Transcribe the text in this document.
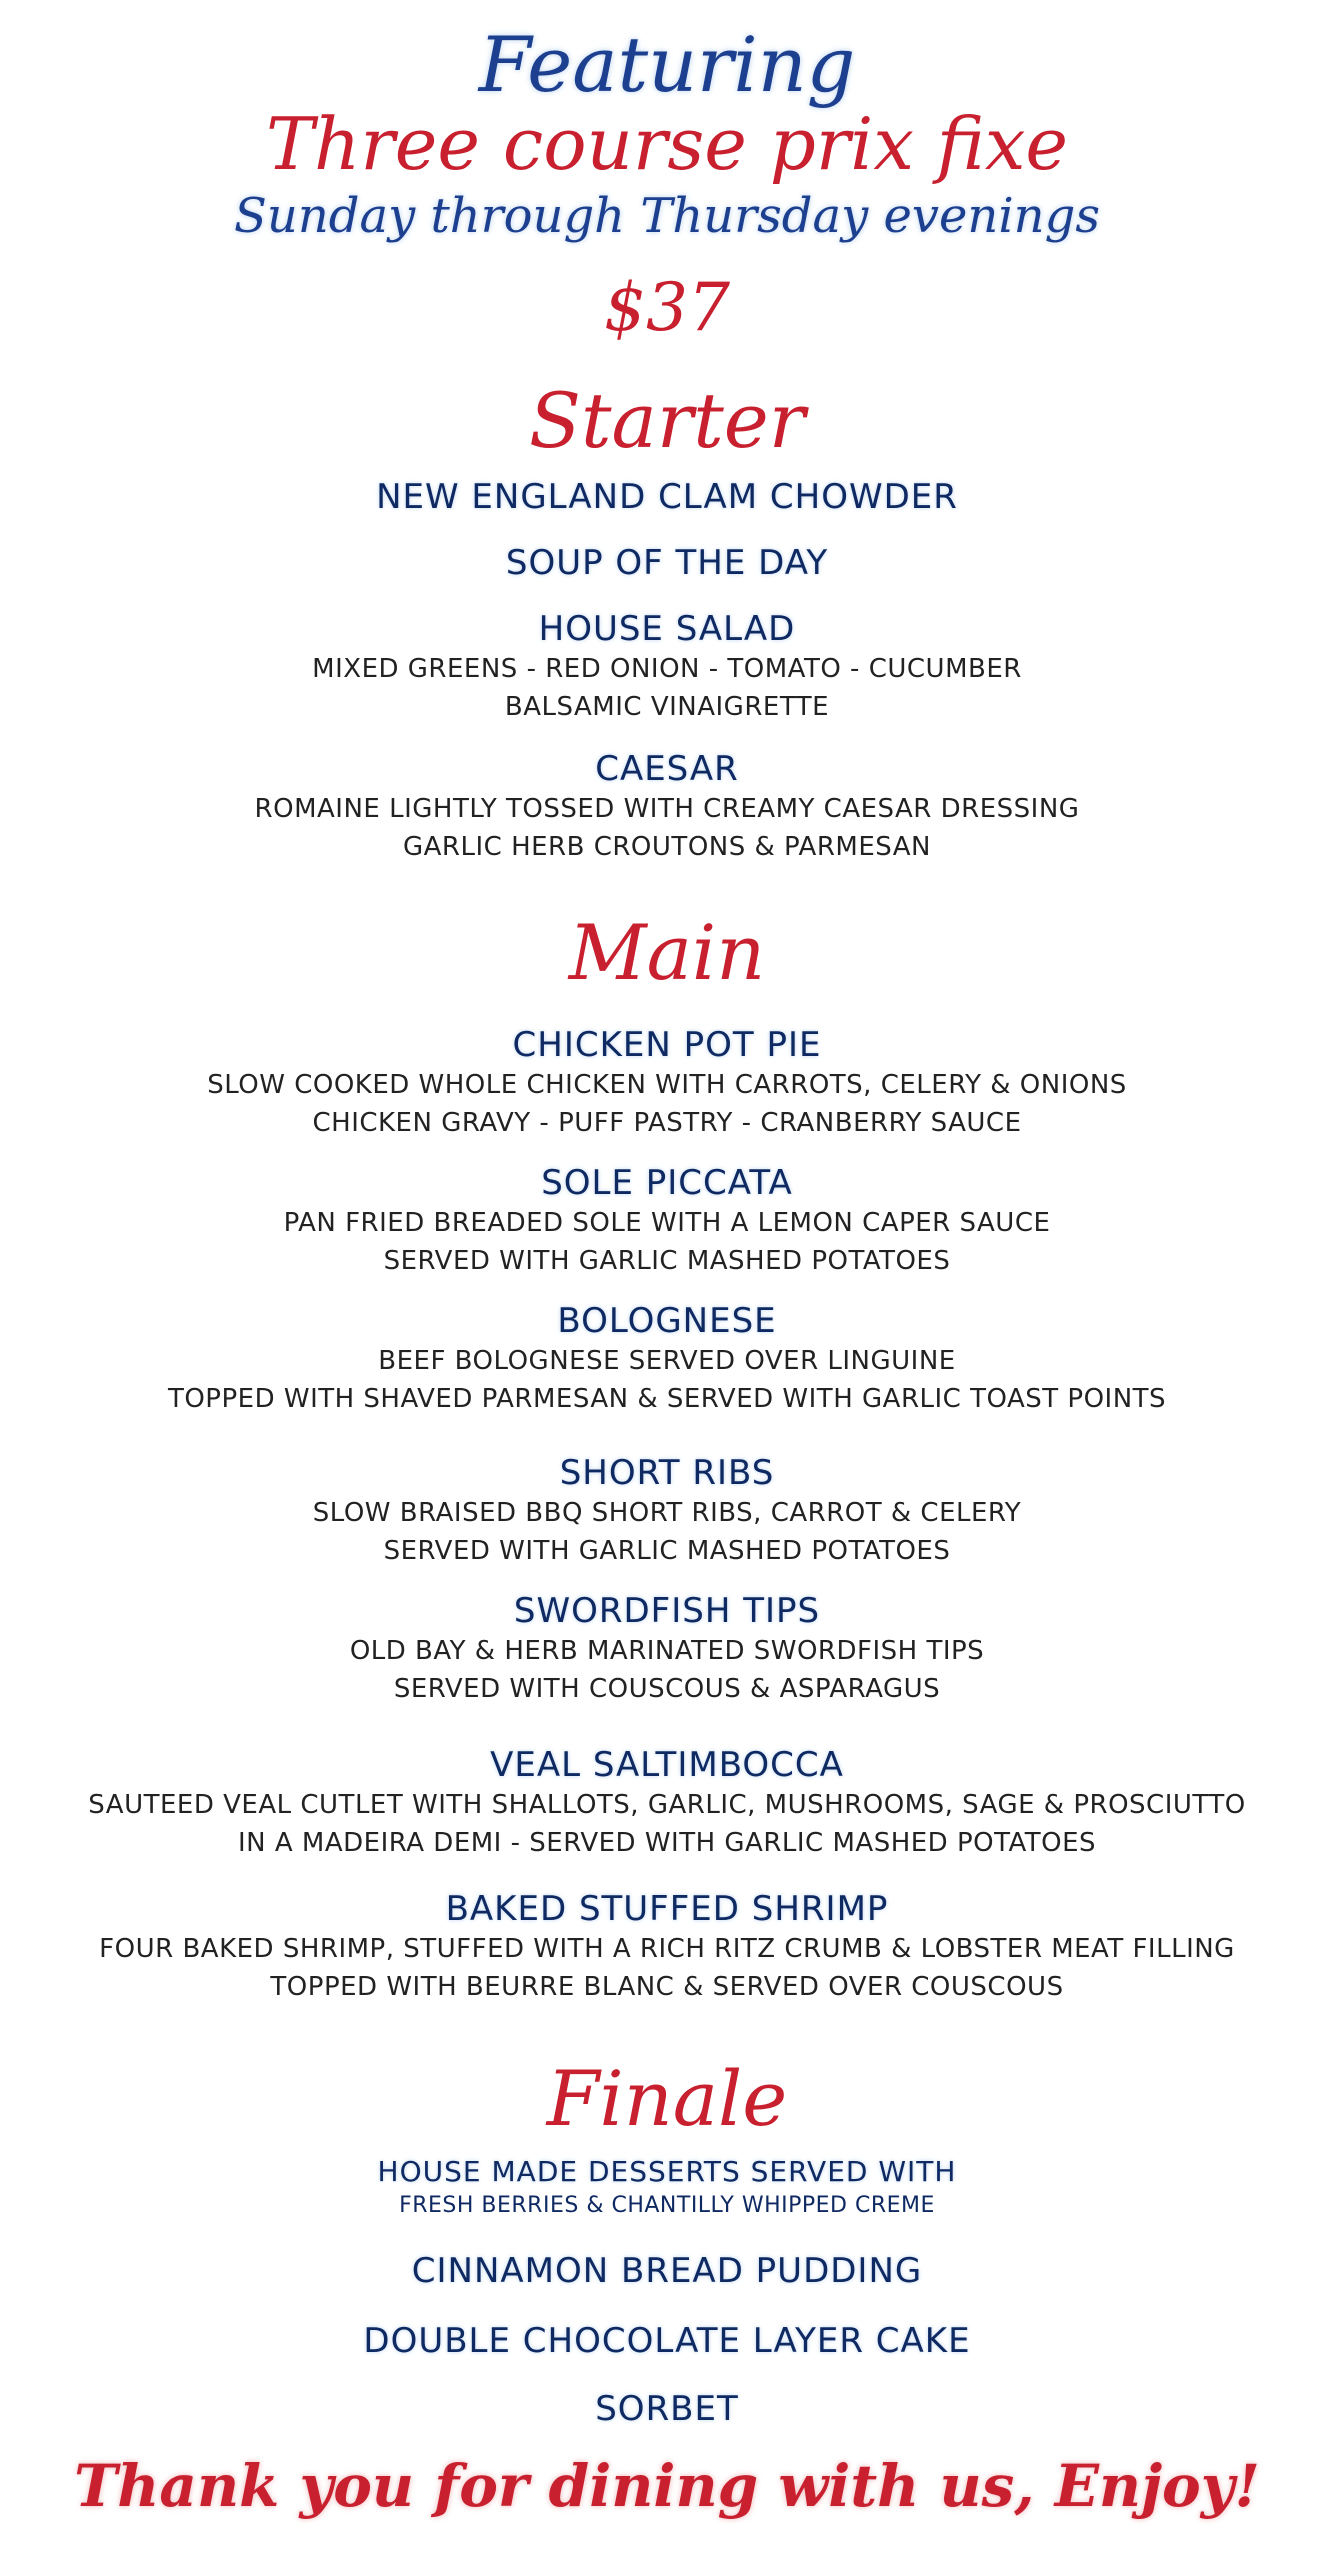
Featuring
Three course prix fixe
Sunday through Thursday evenings
$37
Starter
NEW ENGLAND CLAM CHOWDER
SOUP OF THE DAY
HOUSE SALAD
MIXED GREENS - RED ONION - TOMATO - CUCUMBER
BALSAMIC VINAIGRETTE
CAESAR
ROMAINE LIGHTLY TOSSED WITH CREAMY CAESAR DRESSING
GARLIC HERB CROUTONS & PARMESAN
Main
CHICKEN POT PIE
SLOW COOKED WHOLE CHICKEN WITH CARROTS, CELERY & ONIONS
CHICKEN GRAVY - PUFF PASTRY - CRANBERRY SAUCE
SOLE PICCATA
PAN FRIED BREADED SOLE WITH A LEMON CAPER SAUCE
SERVED WITH GARLIC MASHED POTATOES
BOLOGNESE
BEEF BOLOGNESE SERVED OVER LINGUINE
TOPPED WITH SHAVED PARMESAN & SERVED WITH GARLIC TOAST POINTS
SHORT RIBS
SLOW BRAISED BBQ SHORT RIBS, CARROT & CELERY
SERVED WITH GARLIC MASHED POTATOES
SWORDFISH TIPS
OLD BAY & HERB MARINATED SWORDFISH TIPS
SERVED WITH COUSCOUS & ASPARAGUS
VEAL SALTIMBOCCA
SAUTEED VEAL CUTLET WITH SHALLOTS, GARLIC, MUSHROOMS, SAGE & PROSCIUTTO
IN A MADEIRA DEMI - SERVED WITH GARLIC MASHED POTATOES
BAKED STUFFED SHRIMP
FOUR BAKED SHRIMP, STUFFED WITH A RICH RITZ CRUMB & LOBSTER MEAT FILLING
TOPPED WITH BEURRE BLANC & SERVED OVER COUSCOUS
Finale
HOUSE MADE DESSERTS SERVED WITH
FRESH BERRIES & CHANTILLY WHIPPED CREME
CINNAMON BREAD PUDDING
DOUBLE CHOCOLATE LAYER CAKE
SORBET
Thank you for dining with us, Enjoy!
